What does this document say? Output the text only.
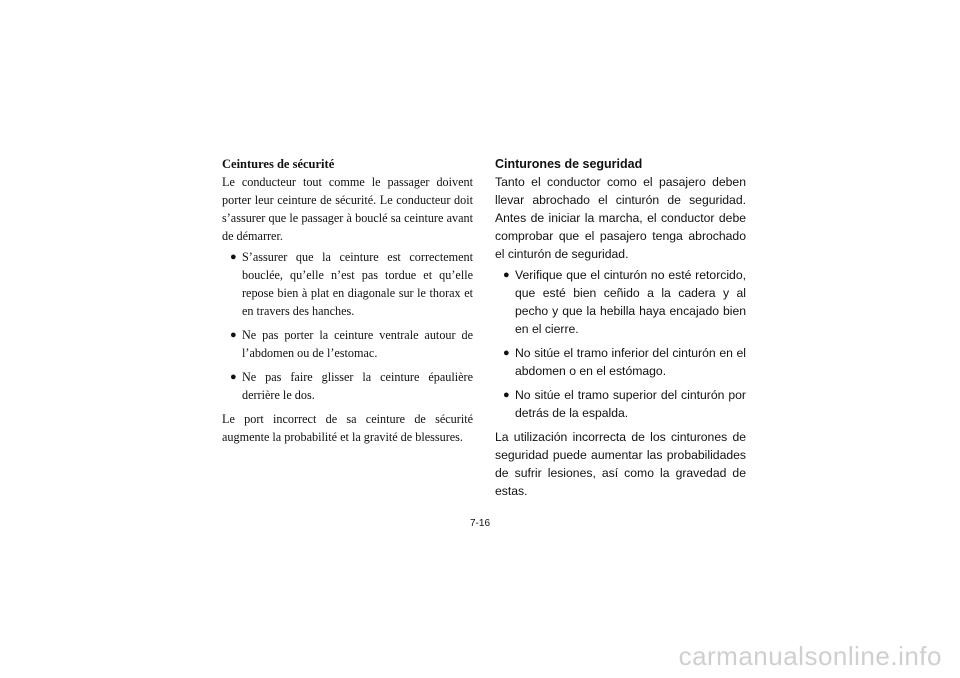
Ceintures de sécurité

Le conducteur tout comme le passager doivent porter leur ceinture de sécurité. Le conducteur doit s’assurer que le passager à bouclé sa ceinture avant de démarrer.

● S’assurer que la ceinture est correctement bouclée, qu’elle n’est pas tordue et qu’elle repose bien à plat en diagonale sur le thorax et en travers des hanches.
● Ne pas porter la ceinture ventrale autour de l’abdomen ou de l’estomac.
● Ne pas faire glisser la ceinture épaulière derrière le dos.

Le port incorrect de sa ceinture de sécurité augmente la probabilité et la gravité de blessures.

Cinturones de seguridad

Tanto el conductor como el pasajero deben llevar abrochado el cinturón de seguridad. Antes de iniciar la marcha, el conductor debe comprobar que el pasajero tenga abrochado el cinturón de seguridad.

● Verifique que el cinturón no esté retorcido, que esté bien ceñido a la cadera y al pecho y que la hebilla haya encajado bien en el cierre.
● No sitúe el tramo inferior del cinturón en el abdomen o en el estómago.
● No sitúe el tramo superior del cinturón por detrás de la espalda.

La utilización incorrecta de los cinturones de seguridad puede aumentar las probabilidades de sufrir lesiones, así como la gravedad de estas.

7-16
carmanualsonline.info
